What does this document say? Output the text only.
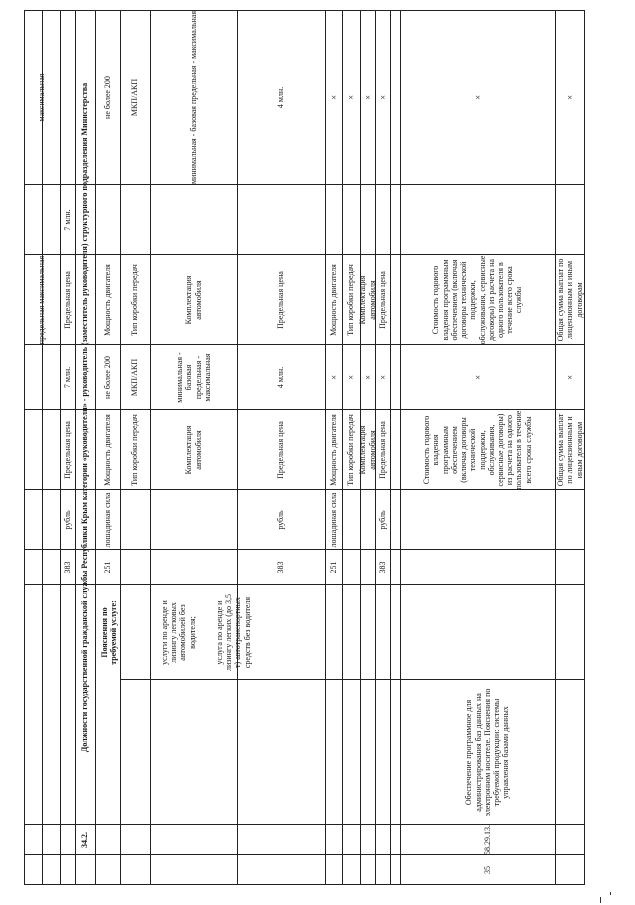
предельная максимальная
максимальная
383
рубль
Предельная цена
7 млн.
Предельная цена
7 млн.
34.2.
Должности государственной гражданской службы Республики Крым категории «руководители» - руководитель (заместитель руководителя) структурного подразделения Министерства 251
лошадиная сила
Мощность двигателя
не более 200
Мощность двигателя
не более 200
Тип коробки передач
МКП/АКП
Тип коробки передач
МКП/АКП
Комплектация автомобиля
минимальная - базовая предельная - максимальная
Комплектация автомобиля
минимальная - базовая предельная - максимальная
383
рубль
Предельная цена
4 млн.
Предельная цена
4 млн.
Пояснения по требуемой услуге:	услуги по аренде и лизингу легковых автомобилей без водителя; услуга по аренде и лизингу легких (до 3,5 т) автотранспортных средств без водителя
251
лошадиная сила
Мощность двигателя
×
Мощность двигателя
×
Тип коробки передач
×
Тип коробки передач
×
Комплектация автомобиля
×
Комплектация автомобиля
×
383
рубль
Предельная цена
×
Предельная цена
×
35
58.29.13.
Обеспечение программное для администрирования баз данных на электронном носителе. Пояснения по требуемой продукции: системы управления базами данных
Стоимость годового владения программным обеспечением (включая договоры технической поддержки, обслуживания, сервисные договоры) из расчета на одного пользователя в течение всего срока службы
×
Стоимость годового владения программным обеспечением (включая договоры технической поддержки, обслуживания, сервисные договоры) из расчета на одного пользователя в течение всего срока службы
×
Общая сумма выплат по лицензионным и иным договорам
×
Общая сумма выплат по лицензионным и иным договорам
×
